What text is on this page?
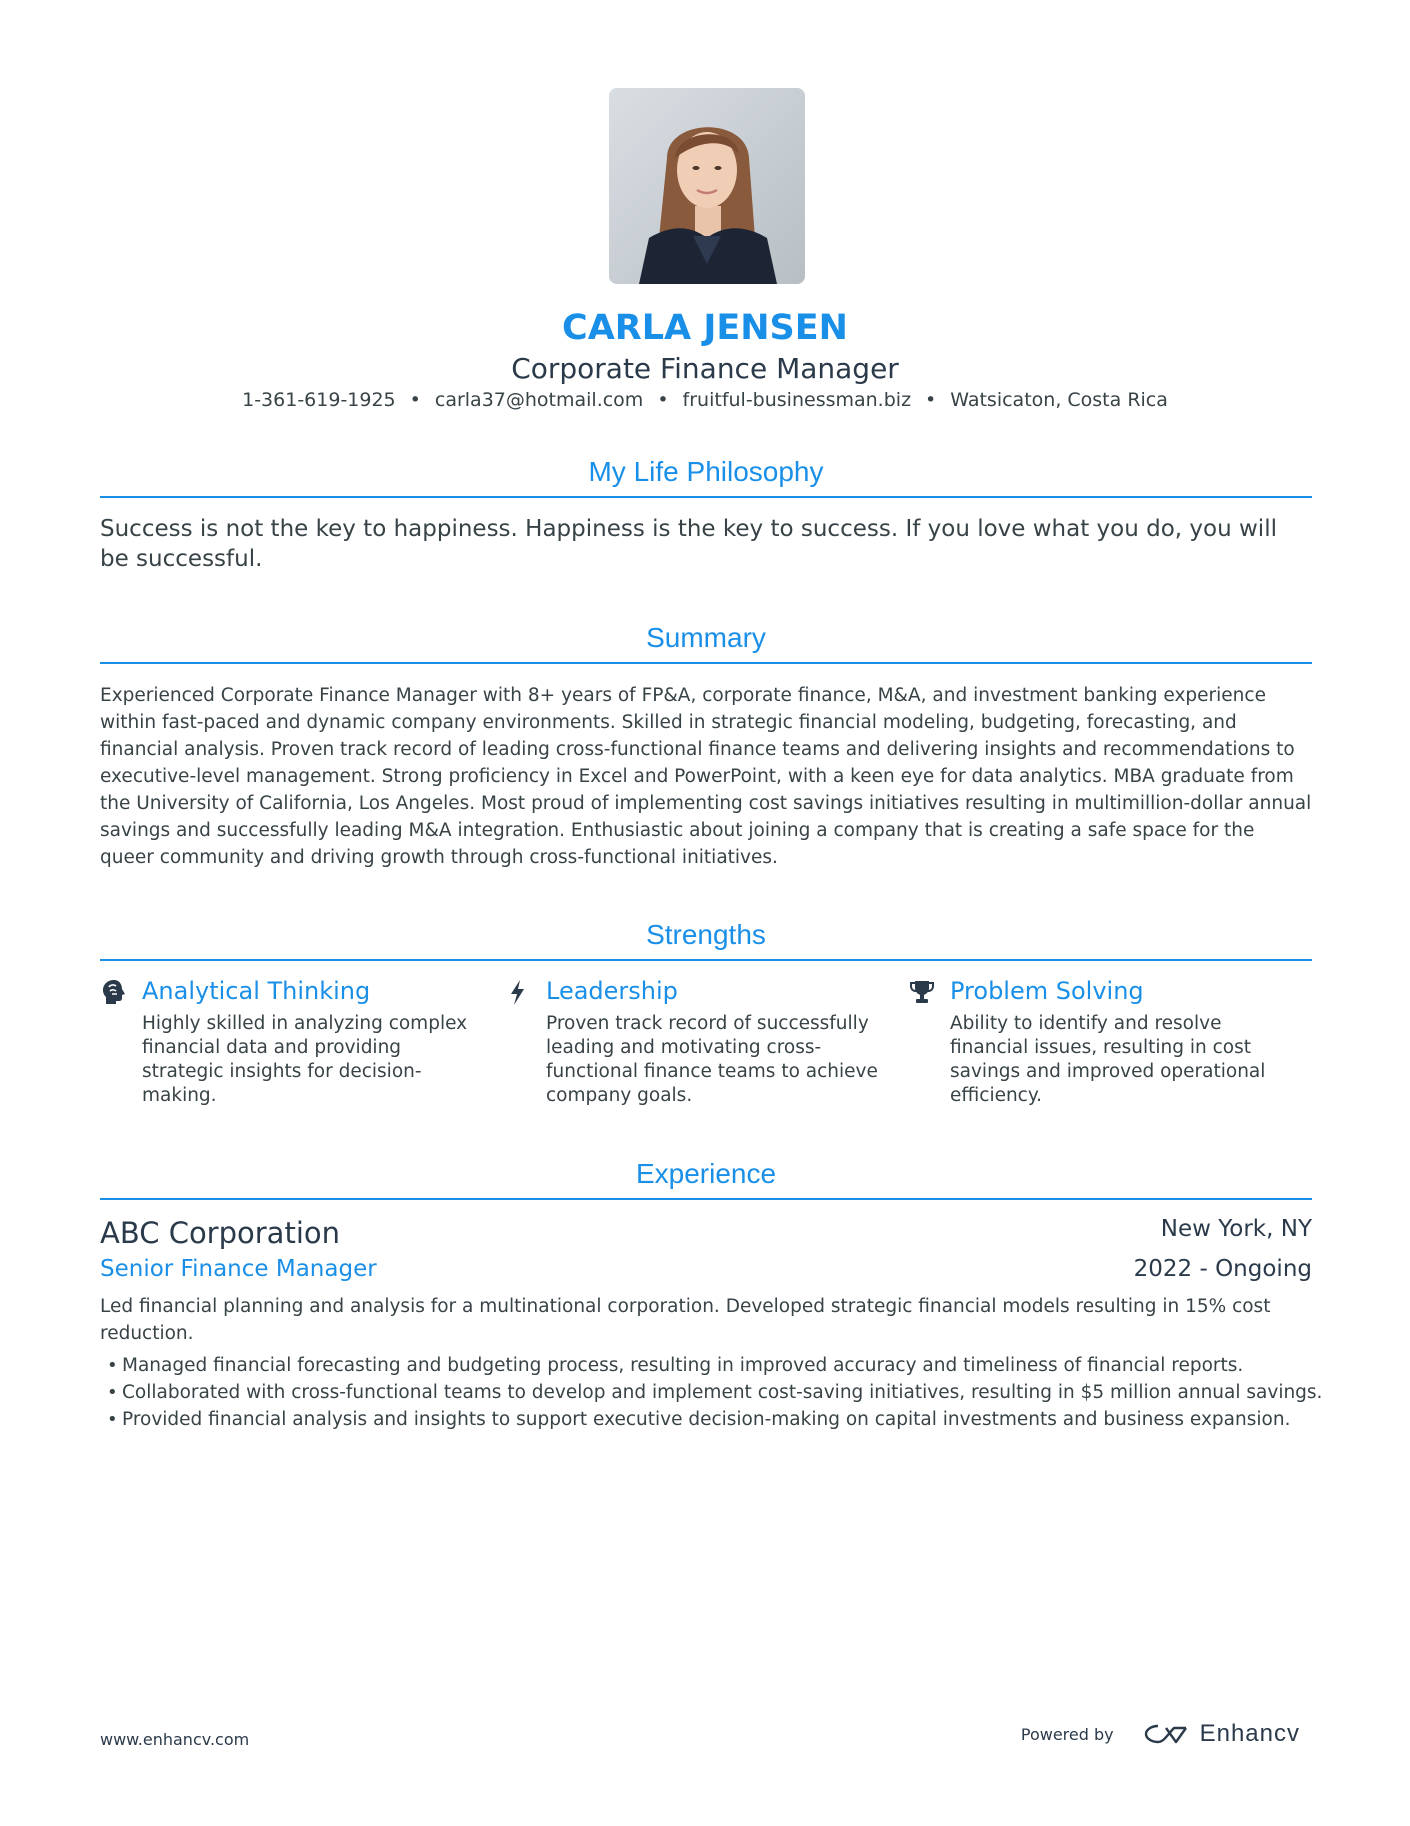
CARLA JENSEN
Corporate Finance Manager
1-361-619-1925 • carla37@hotmail.com • fruitful-businessman.biz • Watsicaton, Costa Rica
My Life Philosophy
Success is not the key to happiness. Happiness is the key to success. If you love what you do, you will be successful.
Summary
Experienced Corporate Finance Manager with 8+ years of FP&A, corporate finance, M&A, and investment banking experience within fast-paced and dynamic company environments. Skilled in strategic financial modeling, budgeting, forecasting, and financial analysis. Proven track record of leading cross-functional finance teams and delivering insights and recommendations to executive-level management. Strong proficiency in Excel and PowerPoint, with a keen eye for data analytics. MBA graduate from the University of California, Los Angeles. Most proud of implementing cost savings initiatives resulting in multimillion-dollar annual savings and successfully leading M&A integration. Enthusiastic about joining a company that is creating a safe space for the queer community and driving growth through cross-functional initiatives.
Strengths
Analytical Thinking
Highly skilled in analyzing complex financial data and providing strategic insights for decision-making.
Leadership
Proven track record of successfully leading and motivating cross-functional finance teams to achieve company goals.
Problem Solving
Ability to identify and resolve financial issues, resulting in cost savings and improved operational efficiency.
Experience
ABC Corporation	New York, NY
Senior Finance Manager	2022 - Ongoing
Led financial planning and analysis for a multinational corporation. Developed strategic financial models resulting in 15% cost reduction.
• Managed financial forecasting and budgeting process, resulting in improved accuracy and timeliness of financial reports.
• Collaborated with cross-functional teams to develop and implement cost-saving initiatives, resulting in $5 million annual savings.
• Provided financial analysis and insights to support executive decision-making on capital investments and business expansion.
www.enhancv.com	Powered by	Enhancv
